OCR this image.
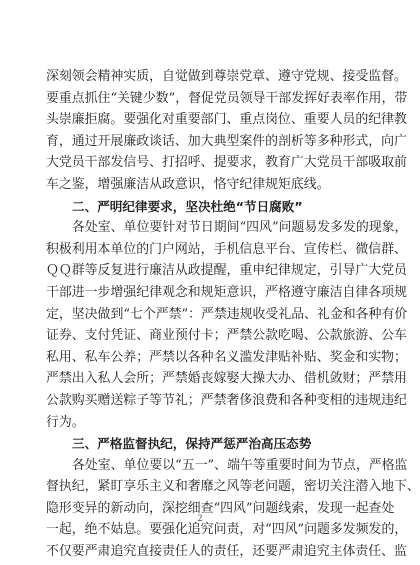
深刻领会精神实质，自觉做到尊崇党章、遵守党规、接受监督。
要重点抓住“关键少数”，督促党员领导干部发挥好表率作用，带
头崇廉拒腐。要强化对重要部门、重点岗位、重要人员的纪律教
育，通过开展廉政谈话、加大典型案件的剖析等多种形式，向广
大党员干部发信号、打招呼、提要求，教育广大党员干部吸取前
车之鉴，增强廉洁从政意识，恪守纪律规矩底线。
二、严明纪律要求，坚决杜绝“节日腐败”
各处室、单位要针对节日期间“四风”问题易发多发的现象，
积极利用本单位的门户网站，手机信息平台、宣传栏、微信群、
ＱＱ群等反复进行廉洁从政提醒，重申纪律规定，引导广大党员
干部进一步增强纪律观念和规矩意识，严格遵守廉洁自律各项规
定，坚决做到“七个严禁”：严禁违规收受礼品、礼金和各种有价
证券、支付凭证、商业预付卡；严禁公款吃喝、公款旅游、公车
私用、私车公养；严禁以各种名义滥发津贴补贴、奖金和实物；
严禁出入私人会所；严禁婚丧嫁娶大操大办、借机敛财；严禁用
公款购买赠送粽子等节礼；严禁奢侈浪费和各种变相的违规违纪
行为。
三、严格监督执纪，保持严惩严治高压态势
各处室、单位要以“五一”、端午等重要时间为节点，严格监
督执纪，紧盯享乐主义和奢靡之风等老问题，密切关注潜入地下、
隐形变异的新动向，深挖细查“四风”问题线索，发现一起查处
一起，绝不姑息。要强化追究问责，对“四风”问题多发频发的，
不仅要严肃追究直接责任人的责任，还要严肃追究主体责任、监
2
